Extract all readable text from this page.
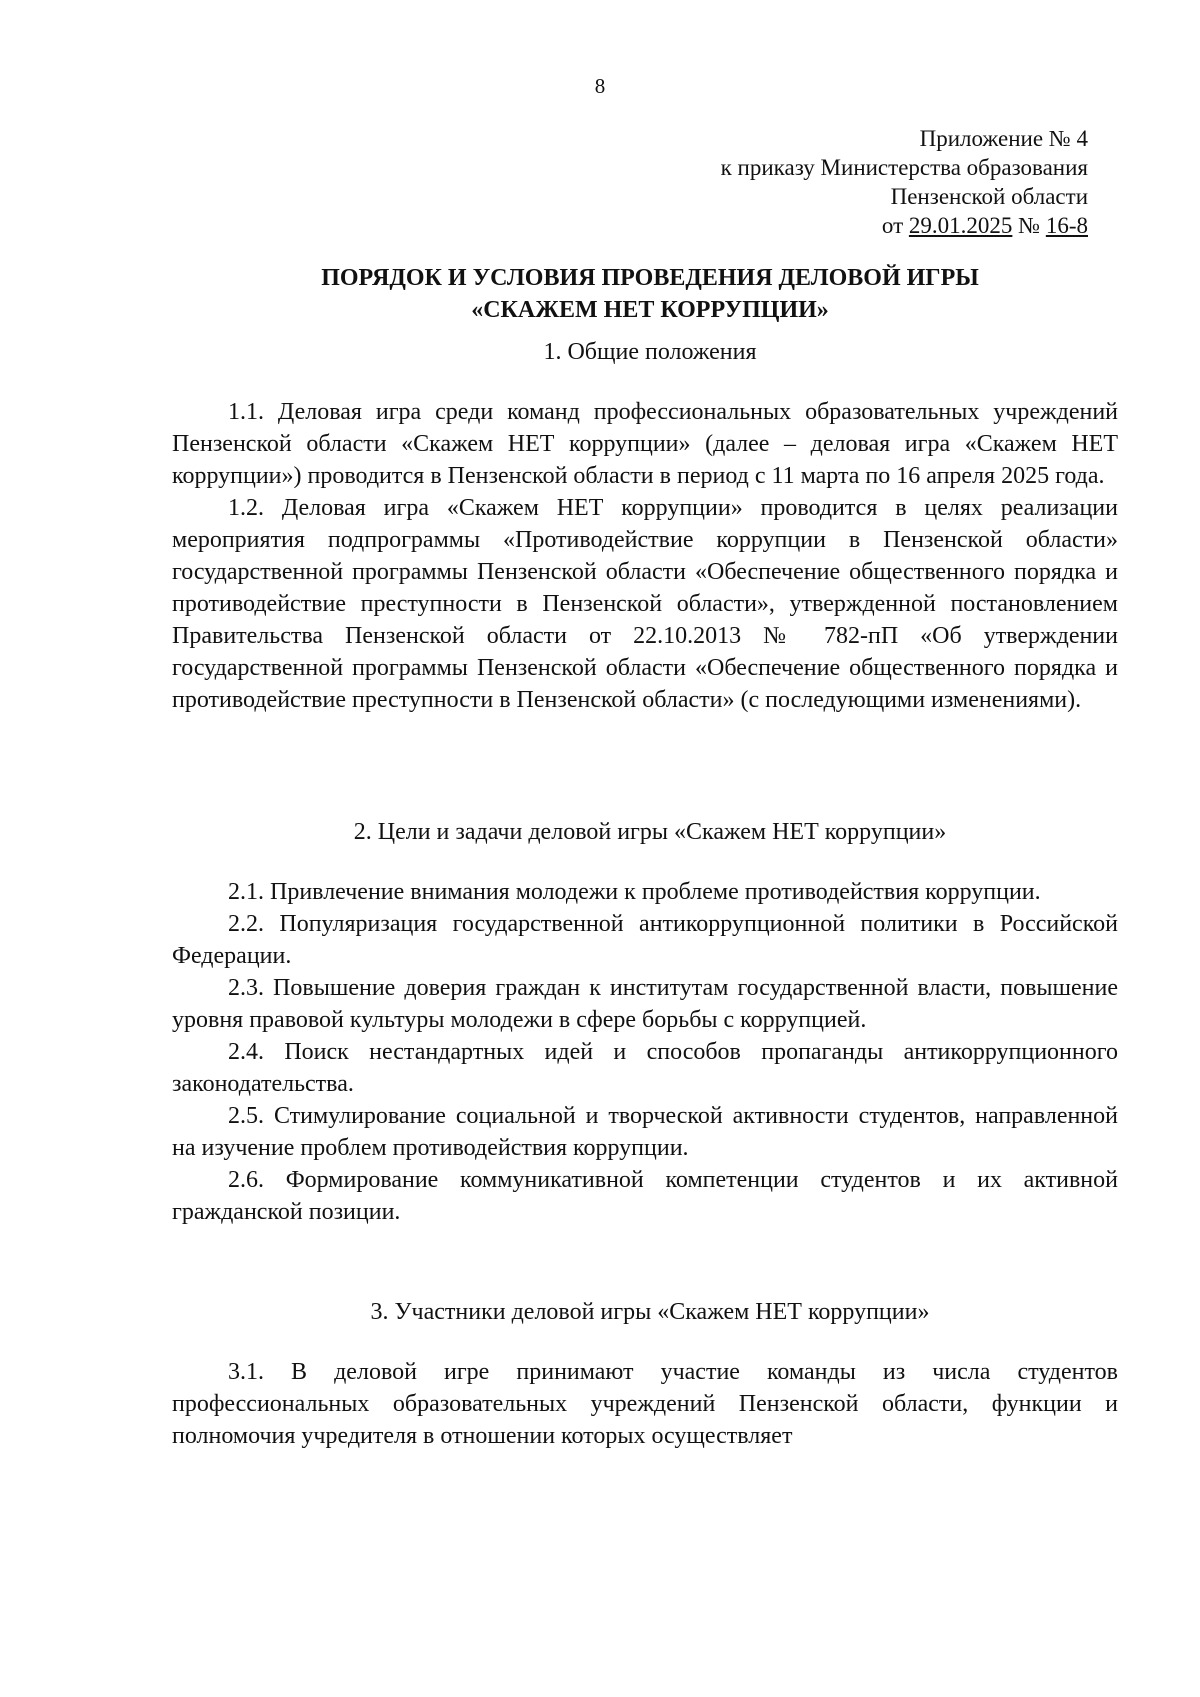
8
Приложение № 4
к приказу Министерства образования
Пензенской области
от 29.01.2025 № 16-8
ПОРЯДОК И УСЛОВИЯ ПРОВЕДЕНИЯ ДЕЛОВОЙ ИГРЫ
«СКАЖЕМ НЕТ КОРРУПЦИИ»
1. Общие положения

1.1. Деловая игра среди команд профессиональных образовательных учреждений Пензенской области «Скажем НЕТ коррупции» (далее – деловая игра «Скажем НЕТ коррупции») проводится в Пензенской области в период с 11 марта по 16 апреля 2025 года.

1.2. Деловая игра «Скажем НЕТ коррупции» проводится в целях реализации мероприятия подпрограммы «Противодействие коррупции в Пензенской области» государственной программы Пензенской области «Обеспечение общественного порядка и противодействие преступности в Пензенской области», утвержденной постановлением Правительства Пензенской области от 22.10.2013 № 782-пП «Об утверждении государственной программы Пензенской области «Обеспечение общественного порядка и противодействие преступности в Пензенской области» (с последующими изменениями).

2. Цели и задачи деловой игры «Скажем НЕТ коррупции»

2.1. Привлечение внимания молодежи к проблеме противодействия коррупции.

2.2. Популяризация государственной антикоррупционной политики в Российской Федерации.

2.3. Повышение доверия граждан к институтам государственной власти, повышение уровня правовой культуры молодежи в сфере борьбы с коррупцией.

2.4. Поиск нестандартных идей и способов пропаганды антикоррупционного законодательства.

2.5. Стимулирование социальной и творческой активности студентов, направленной на изучение проблем противодействия коррупции.

2.6. Формирование коммуникативной компетенции студентов и их активной гражданской позиции.

3. Участники деловой игры «Скажем НЕТ коррупции»

3.1. В деловой игре принимают участие команды из числа студентов профессиональных образовательных учреждений Пензенской области, функции и полномочия учредителя в отношении которых осуществляет
